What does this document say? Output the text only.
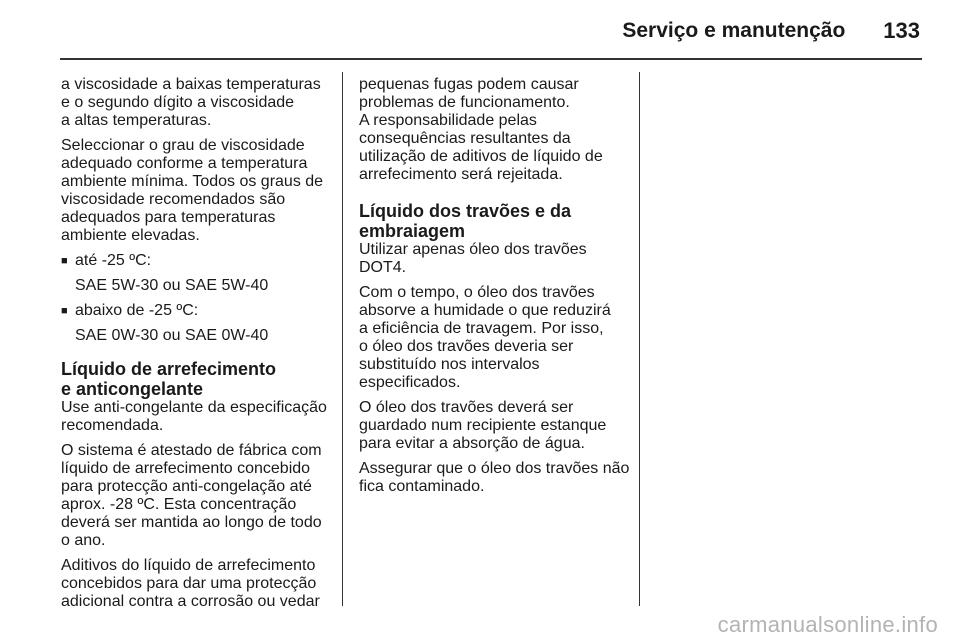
Serviço e manutenção 133

a viscosidade a baixas temperaturas
e o segundo dígito a viscosidade
a altas temperaturas.

Seleccionar o grau de viscosidade
adequado conforme a temperatura
ambiente mínima. Todos os graus de
viscosidade recomendados são
adequados para temperaturas
ambiente elevadas.

■ até -25 ºC:
SAE 5W-30 ou SAE 5W-40
■ abaixo de -25 ºC:
SAE 0W-30 ou SAE 0W-40
Líquido de arrefecimento
e anticongelante

Use anti-congelante da especificação
recomendada.

O sistema é atestado de fábrica com
líquido de arrefecimento concebido
para protecção anti-congelação até
aprox. -28 ºC. Esta concentração
deverá ser mantida ao longo de todo
o ano.

Aditivos do líquido de arrefecimento
concebidos para dar uma protecção
adicional contra a corrosão ou vedar

pequenas fugas podem causar
problemas de funcionamento.
A responsabilidade pelas
consequências resultantes da
utilização de aditivos de líquido de
arrefecimento será rejeitada.

Líquido dos travões e da
embraiagem

Utilizar apenas óleo dos travões
DOT4.

Com o tempo, o óleo dos travões
absorve a humidade o que reduzirá
a eficiência de travagem. Por isso,
o óleo dos travões deveria ser
substituído nos intervalos
especificados.

O óleo dos travões deverá ser
guardado num recipiente estanque
para evitar a absorção de água.

Assegurar que o óleo dos travões não
fica contaminado.

carmanualsonline.info
